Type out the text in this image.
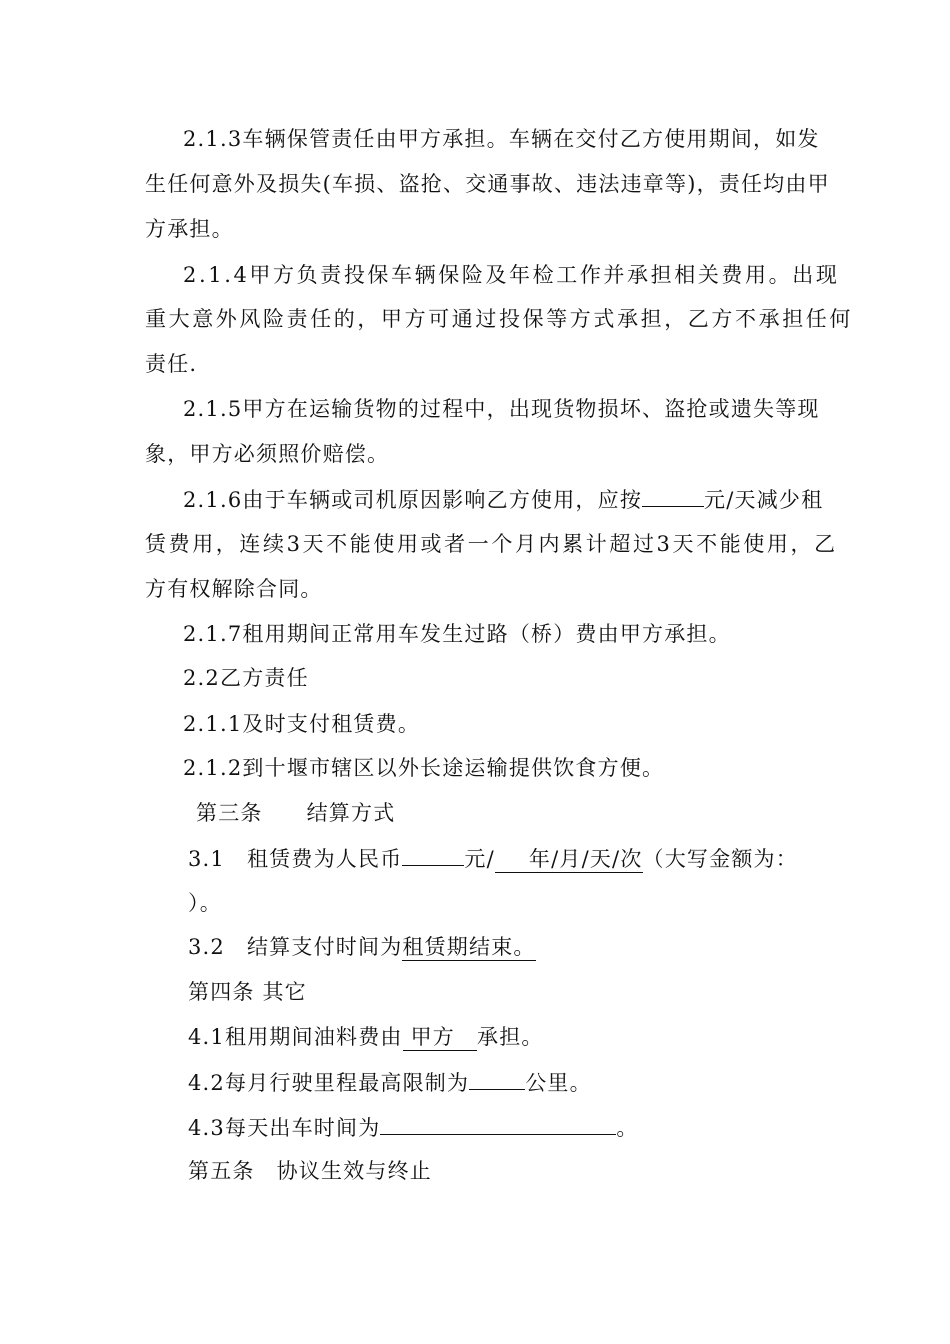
2.1.3车辆保管责任由甲方承担。车辆在交付乙方使用期间，如发
生任何意外及损失(车损、盗抢、交通事故、违法违章等)，责任均由甲
方承担。
2.1.4甲方负责投保车辆保险及年检工作并承担相关费用。出现
重大意外风险责任的，甲方可通过投保等方式承担，乙方不承担任何
责任.
2.1.5甲方在运输货物的过程中，出现货物损坏、盗抢或遗失等现
象，甲方必须照价赔偿。
2.1.6由于车辆或司机原因影响乙方使用，应按	元/天减少租
赁费用，连续3天不能使用或者一个月内累计超过3天不能使用，乙
方有权解除合同。
2.1.7租用期间正常用车发生过路（桥）费由甲方承担。
2.2乙方责任
2.1.1及时支付租赁费。
2.1.2到十堰市辖区以外长途运输提供饮食方便。
第三条 结算方式
3.1 租赁费为人民币	元/ 年/月/天/次（大写金额为：
）。
3.2 结算支付时间为租赁期结束。
第四条 其它
4.1租用期间油料费由 甲方 承担。
4.2每月行驶里程最高限制为	公里。
4.3每天出车时间为	。
第五条 协议生效与终止
